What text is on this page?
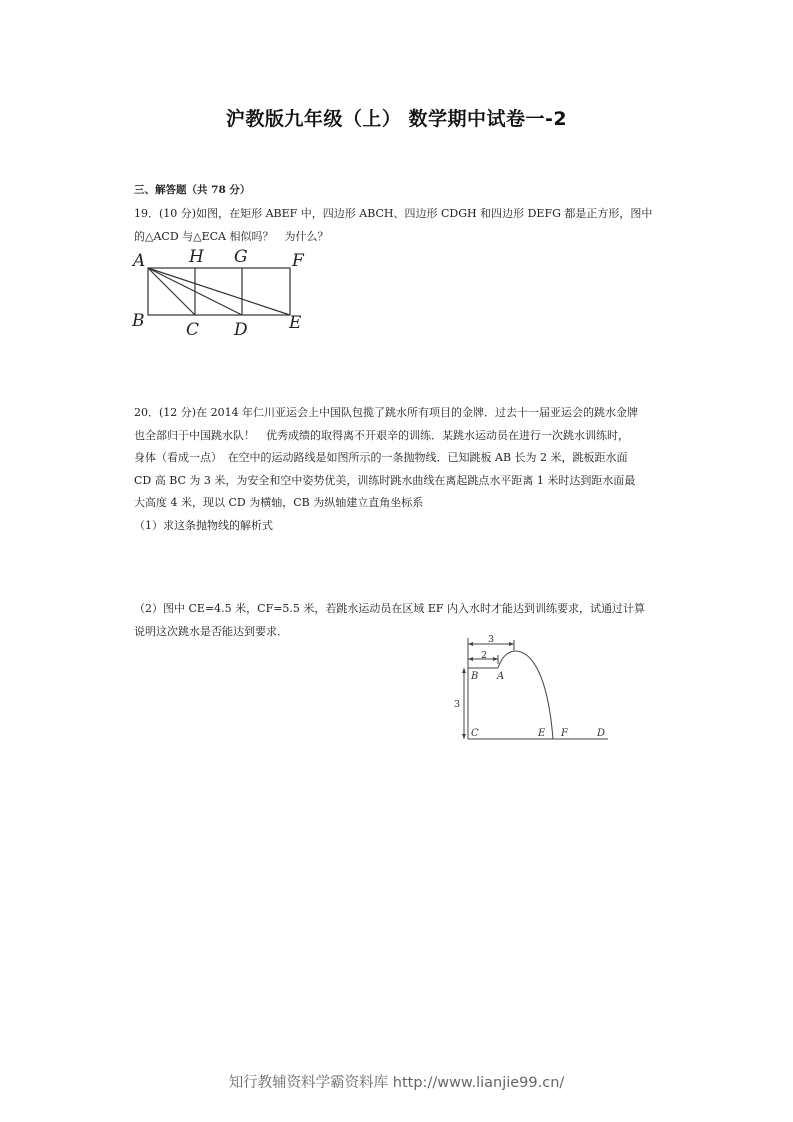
沪教版九年级（上） 数学期中试卷一-2
三、解答题（共 78 分）
19．(10 分)如图，在矩形 ABEF 中，四边形 ABCH、四边形 CDGH 和四边形 DEFG 都是正方形，图中
的△ACD 与△ECA 相似吗？　为什么？
A	H G	F
B C D E
20．(12 分)在 2014 年仁川亚运会上中国队包揽了跳水所有项目的金牌．过去十一届亚运会的跳水金牌
也全部归于中国跳水队！　优秀成绩的取得离不开艰辛的训练．某跳水运动员在进行一次跳水训练时，
身体（看成一点）　在空中的运动路线是如图所示的一条抛物线．已知跳板 AB 长为 2 米，跳板距水面
CD 高 BC 为 3 米，为安全和空中姿势优美，训练时跳水曲线在离起跳点水平距离 1 米时达到距水面最
大高度 4 米，现以 CD 为横轴，CB 为纵轴建立直角坐标系
（1）求这条抛物线的解析式
（2）图中 CE=4.5 米，CF=5.5 米，若跳水运动员在区域 EF 内入水时才能达到训练要求，试通过计算
说明这次跳水是否能达到要求．
3
2
3
B A
C	E F	D
知行教辅资料学霸资料库 http://www.lianjie99.cn/
